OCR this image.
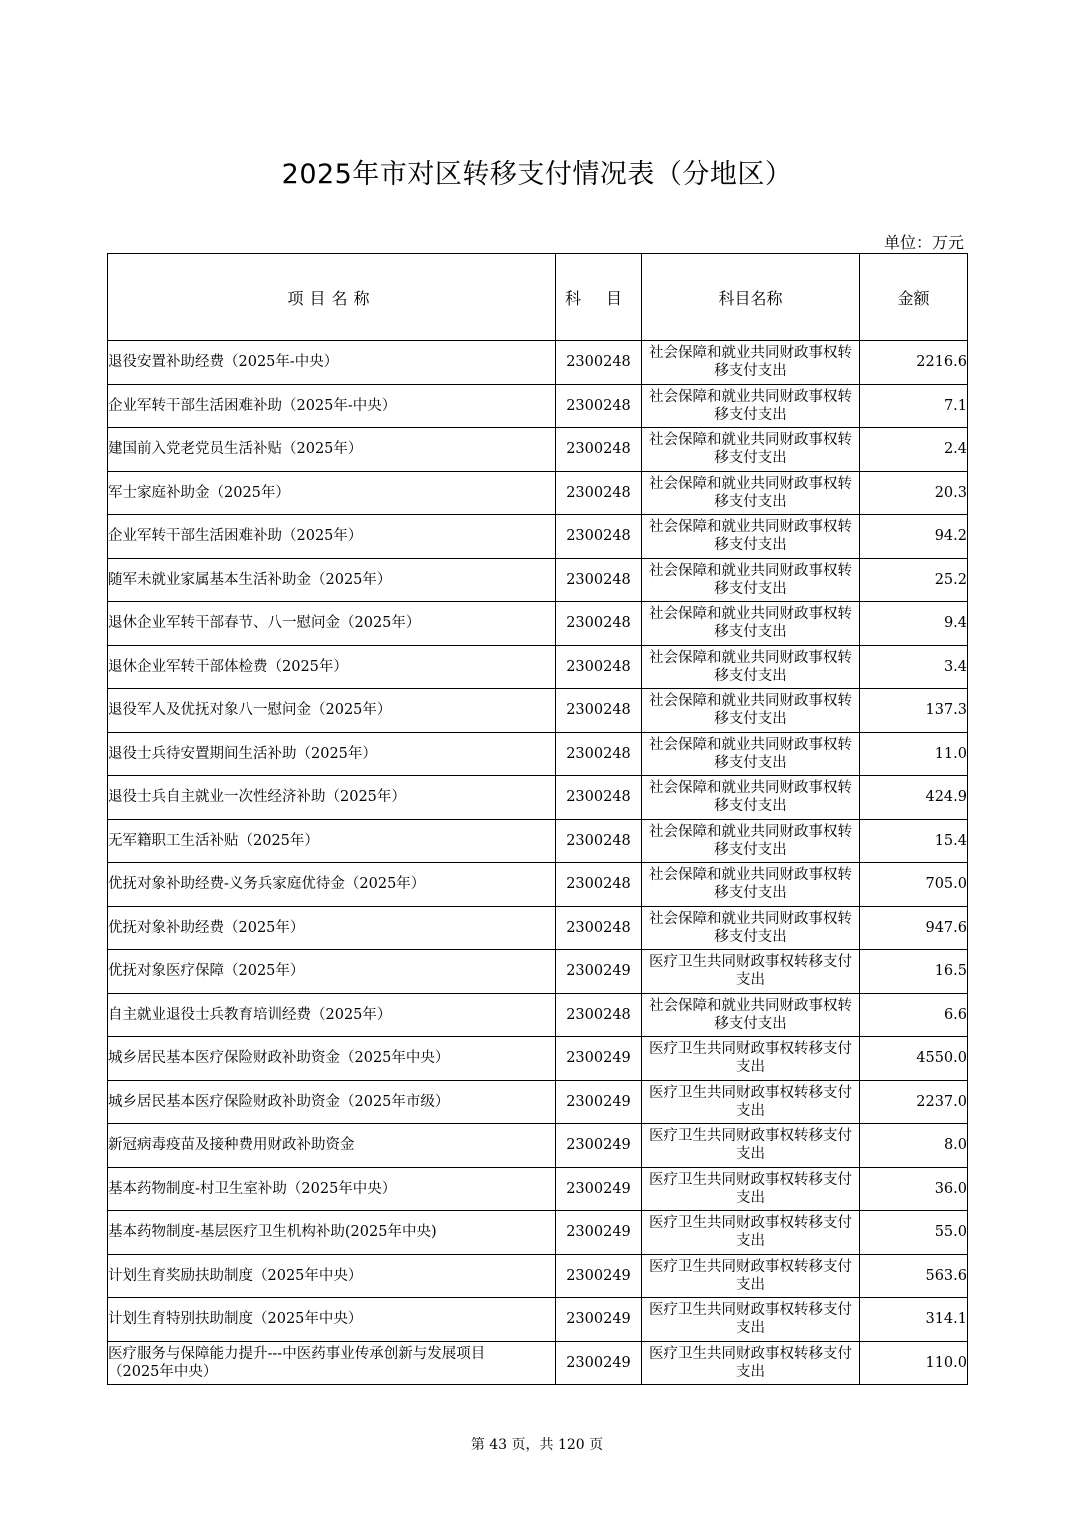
2025年市对区转移支付情况表（分地区）
单位：万元
项目名称	科 目	科目名称	金额
退役安置补助经费（2025年-中央）	2300248	社会保障和就业共同财政事权转移支付支出	2216.6
企业军转干部生活困难补助（2025年-中央）	2300248	社会保障和就业共同财政事权转移支付支出	7.1
建国前入党老党员生活补贴（2025年）	2300248	社会保障和就业共同财政事权转移支付支出	2.4
军士家庭补助金（2025年）	2300248	社会保障和就业共同财政事权转移支付支出	20.3
企业军转干部生活困难补助（2025年）	2300248	社会保障和就业共同财政事权转移支付支出	94.2
随军未就业家属基本生活补助金（2025年）	2300248	社会保障和就业共同财政事权转移支付支出	25.2
退休企业军转干部春节、八一慰问金（2025年）	2300248	社会保障和就业共同财政事权转移支付支出	9.4
退休企业军转干部体检费（2025年）	2300248	社会保障和就业共同财政事权转移支付支出	3.4
退役军人及优抚对象八一慰问金（2025年）	2300248	社会保障和就业共同财政事权转移支付支出	137.3
退役士兵待安置期间生活补助（2025年）	2300248	社会保障和就业共同财政事权转移支付支出	11.0
退役士兵自主就业一次性经济补助（2025年）	2300248	社会保障和就业共同财政事权转移支付支出	424.9
无军籍职工生活补贴（2025年）	2300248	社会保障和就业共同财政事权转移支付支出	15.4
优抚对象补助经费-义务兵家庭优待金（2025年）	2300248	社会保障和就业共同财政事权转移支付支出	705.0
优抚对象补助经费（2025年）	2300248	社会保障和就业共同财政事权转移支付支出	947.6
优抚对象医疗保障（2025年）	2300249	医疗卫生共同财政事权转移支付支出	16.5
自主就业退役士兵教育培训经费（2025年）	2300248	社会保障和就业共同财政事权转移支付支出	6.6
城乡居民基本医疗保险财政补助资金（2025年中央）	2300249	医疗卫生共同财政事权转移支付支出	4550.0
城乡居民基本医疗保险财政补助资金（2025年市级）	2300249	医疗卫生共同财政事权转移支付支出	2237.0
新冠病毒疫苗及接种费用财政补助资金	2300249	医疗卫生共同财政事权转移支付支出	8.0
基本药物制度-村卫生室补助（2025年中央）	2300249	医疗卫生共同财政事权转移支付支出	36.0
基本药物制度-基层医疗卫生机构补助(2025年中央)	2300249	医疗卫生共同财政事权转移支付支出	55.0
计划生育奖励扶助制度（2025年中央）	2300249	医疗卫生共同财政事权转移支付支出	563.6
计划生育特别扶助制度（2025年中央）	2300249	医疗卫生共同财政事权转移支付支出	314.1

医疗服务与保障能力提升---中医药事业传承创新与发展项目
（2025年中央）	2300249	医疗卫生共同财政事权转移支付支出	110.0
第 43 页，共 120 页
